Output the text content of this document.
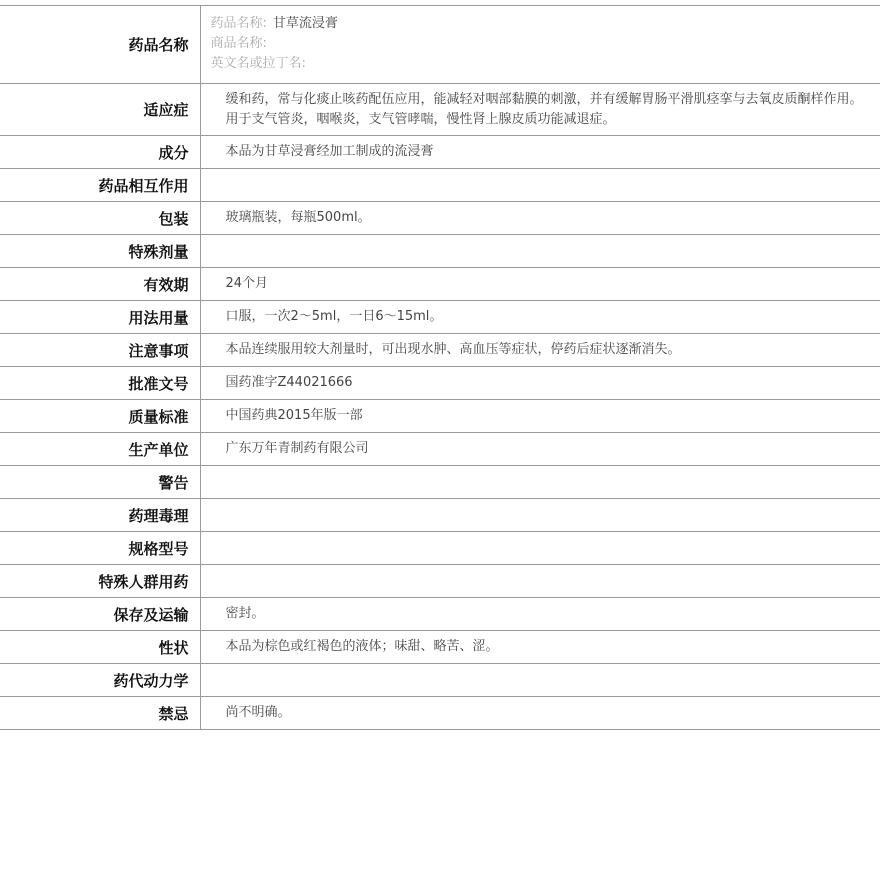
药品名称	药品名称: 甘草流浸膏
商品名称:
英文名或拉丁名:

适应症	缓和药，常与化痰止咳药配伍应用，能减轻对咽部黏膜的刺激，并有缓解胃肠平滑肌痉挛与去氧皮质酮样作用。用于支气管炎，咽喉炎，支气管哮喘，慢性肾上腺皮质功能减退症。
成分	本品为甘草浸膏经加工制成的流浸膏
药品相互作用	
包装	玻璃瓶装，每瓶500ml。
特殊剂量	
有效期	24个月
用法用量	口服，一次2～5ml，一日6～15ml。
注意事项	本品连续服用较大剂量时，可出现水肿、高血压等症状，停药后症状逐渐消失。
批准文号	国药准字Z44021666
质量标准	中国药典2015年版一部
生产单位	广东万年青制药有限公司
警告	
药理毒理	
规格型号	
特殊人群用药	
保存及运输	密封。
性状	本品为棕色或红褐色的液体；味甜、略苦、涩。
药代动力学	
禁忌	尚不明确。
